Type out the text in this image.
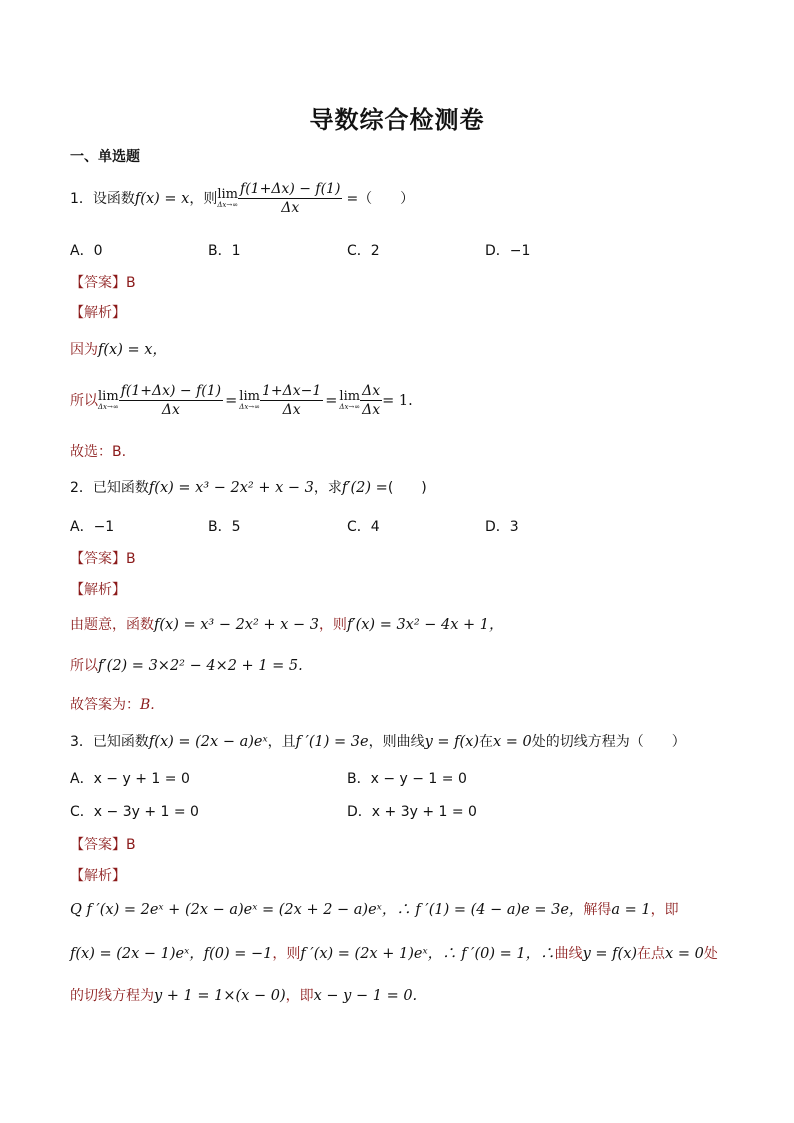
导数综合检测卷
一、单选题
1．设函数 f(x) = x ，则 lim
$\Delta x\to\infty \frac{f(1+\Delta x) - f(1)}{\Delta x}$ =（　　）
A．0	B．1	C．2	D．−1
【答案】B
【解析】
因为f(x) = x，
所以 lim
$\Delta x\to\infty \frac{f(1+\Delta x) - f(1)}{\Delta x} = \lim$
$\Delta x\to\infty \frac{1+\Delta x-1}{\Delta x} = \lim$
$\Delta x\to\infty \frac{\Delta x}{\Delta x} = 1$.
故选：B.
2．已知函数f(x) = x³ − 2x² + x − 3，求f′(2) =(　　)
A．−1	B．5	C．4	D．3
【答案】B
【解析】
由题意，函数f(x) = x³ − 2x² + x − 3，则f′(x) = 3x² − 4x + 1，
所以f′(2) = 3×2² − 4×2 + 1 = 5.
故答案为：B.
3．已知函数f(x) = (2x − a)eˣ，且f ′(1) = 3e，则曲线y = f(x)在x = 0处的切线方程为（　　）
A．x − y + 1 = 0	B．x − y − 1 = 0
C．x − 3y + 1 = 0	D．x + 3y + 1 = 0
【答案】B
【解析】
Q f ′(x) = 2eˣ + (2x − a)eˣ = (2x + 2 − a)eˣ，∴ f ′(1) = (4 − a)e = 3e，解得a = 1，即
f(x) = (2x − 1)eˣ，f(0) = −1，则f ′(x) = (2x + 1)eˣ，∴ f ′(0) = 1，∴曲线y = f(x)在点x = 0处
的切线方程为y + 1 = 1×(x − 0)，即x − y − 1 = 0.
